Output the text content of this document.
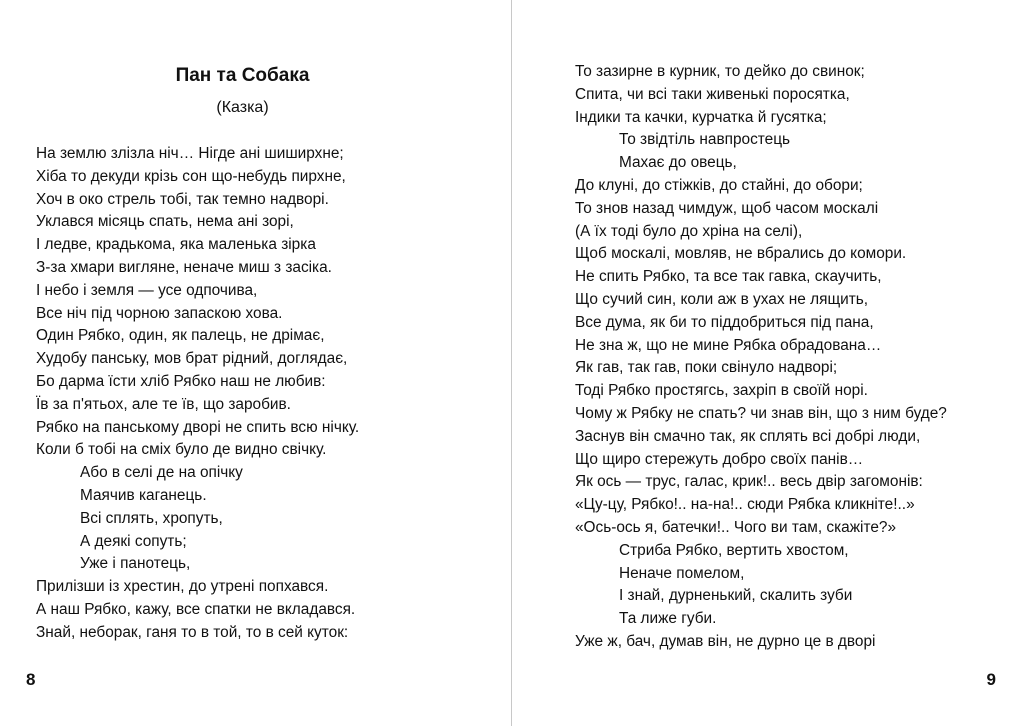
Пан та Собака
(Казка)
На землю злізла ніч… Нігде ані шиширхне;
Хіба то декуди крізь сон що-небудь пирхне,
Хоч в око стрель тобі, так темно надворі.
Уклався місяць спать, нема ані зорі,
І ледве, крадькома, яка маленька зірка
З-за хмари вигляне, неначе миш з засіка.
І небо і земля — усе одпочива,
Все ніч під чорною запаскою хова.
Один Рябко, один, як палець, не дрімає,
Худобу панську, мов брат рідний, доглядає,
Бо дарма їсти хліб Рябко наш не любив:
Їв за п'ятьох, але те їв, що заробив.
Рябко на панському дворі не спить всю нічку.
Коли б тобі на сміх було де видно свічку.
Або в селі де на опічку
Маячив каганець.
Всі сплять, хропуть,
А деякі сопуть;
Уже і панотець,
Прилізши із хрестин, до утрені попхався.
А наш Рябко, кажу, все спатки не вкладався.
Знай, неборак, ганя то в той, то в сей куток:
8
То зазирне в курник, то дейко до свинок;
Спита, чи всі таки живенькі поросятка,
Індики та качки, курчатка й гусятка;
То звідтіль навпростець
Махає до овець,
До клуні, до стіжків, до стайні, до обори;
То знов назад чимдуж, щоб часом москалі
(А їх тоді було до хріна на селі),
Щоб москалі, мовляв, не вбрались до комори.
Не спить Рябко, та все так гавка, скаучить,
Що сучий син, коли аж в ухах не лящить,
Все дума, як би то піддобриться під пана,
Не зна ж, що не мине Рябка обрадована…
Як гав, так гав, поки свінуло надворі;
Тоді Рябко простягсь, захріп в своїй норі.
Чому ж Рябку не спать? чи знав він, що з ним буде?
Заснув він смачно так, як сплять всі добрі люди,
Що щиро стережуть добро своїх панів…
Як ось — трус, галас, крик!.. весь двір загомонів:
«Цу-цу, Рябко!.. на-на!.. сюди Рябка кликніте!..»
«Ось-ось я, батечки!.. Чого ви там, скажіте?»
Стриба Рябко, вертить хвостом,
Неначе помелом,
І знай, дурненький, скалить зуби
Та лиже губи.
Уже ж, бач, думав він, не дурно це в дворі
9
